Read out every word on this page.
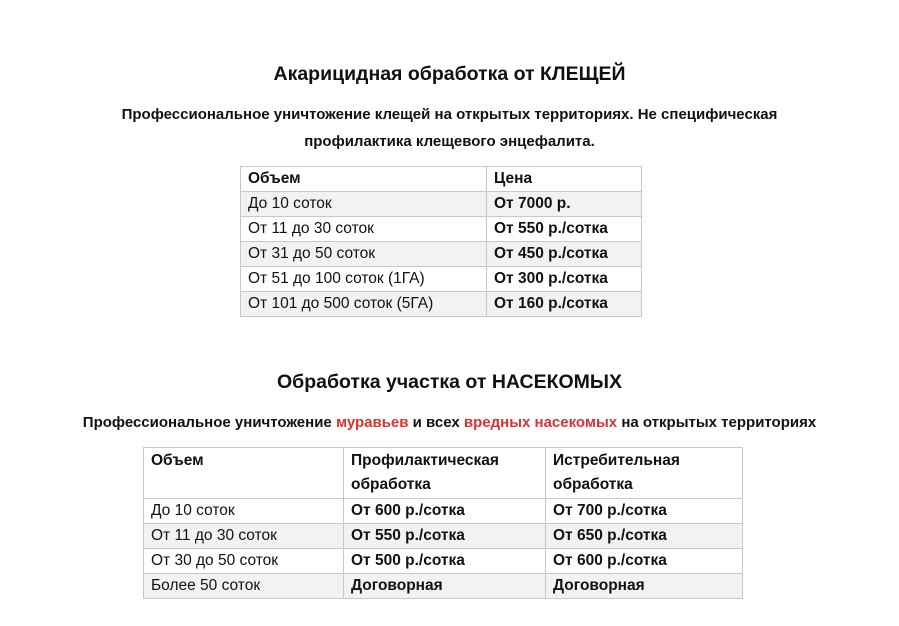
Акарицидная обработка от КЛЕЩЕЙ

Профессиональное уничтожение клещей на открытых территориях. Не специфическая

профилактика клещевого энцефалита.

Объем	Цена
До 10 соток	От 7000 р.
От 11 до 30 соток	От 550 р./сотка
От 31 до 50 соток	От 450 р./сотка
От 51 до 100 соток (1ГА)	От 300 р./сотка
От 101 до 500 соток (5ГА)	От 160 р./сотка
Обработка участка от НАСЕКОМЫХ

Профессиональное уничтожение муравьев и всех вредных насекомых на открытых территориях

Объем	Профилактическая обработка	Истребительная обработка
До 10 соток	От 600 р./сотка	От 700 р./сотка
От 11 до 30 соток	От 550 р./сотка	От 650 р./сотка
От 30 до 50 соток	От 500 р./сотка	От 600 р./сотка
Более 50 соток	Договорная	Договорная
